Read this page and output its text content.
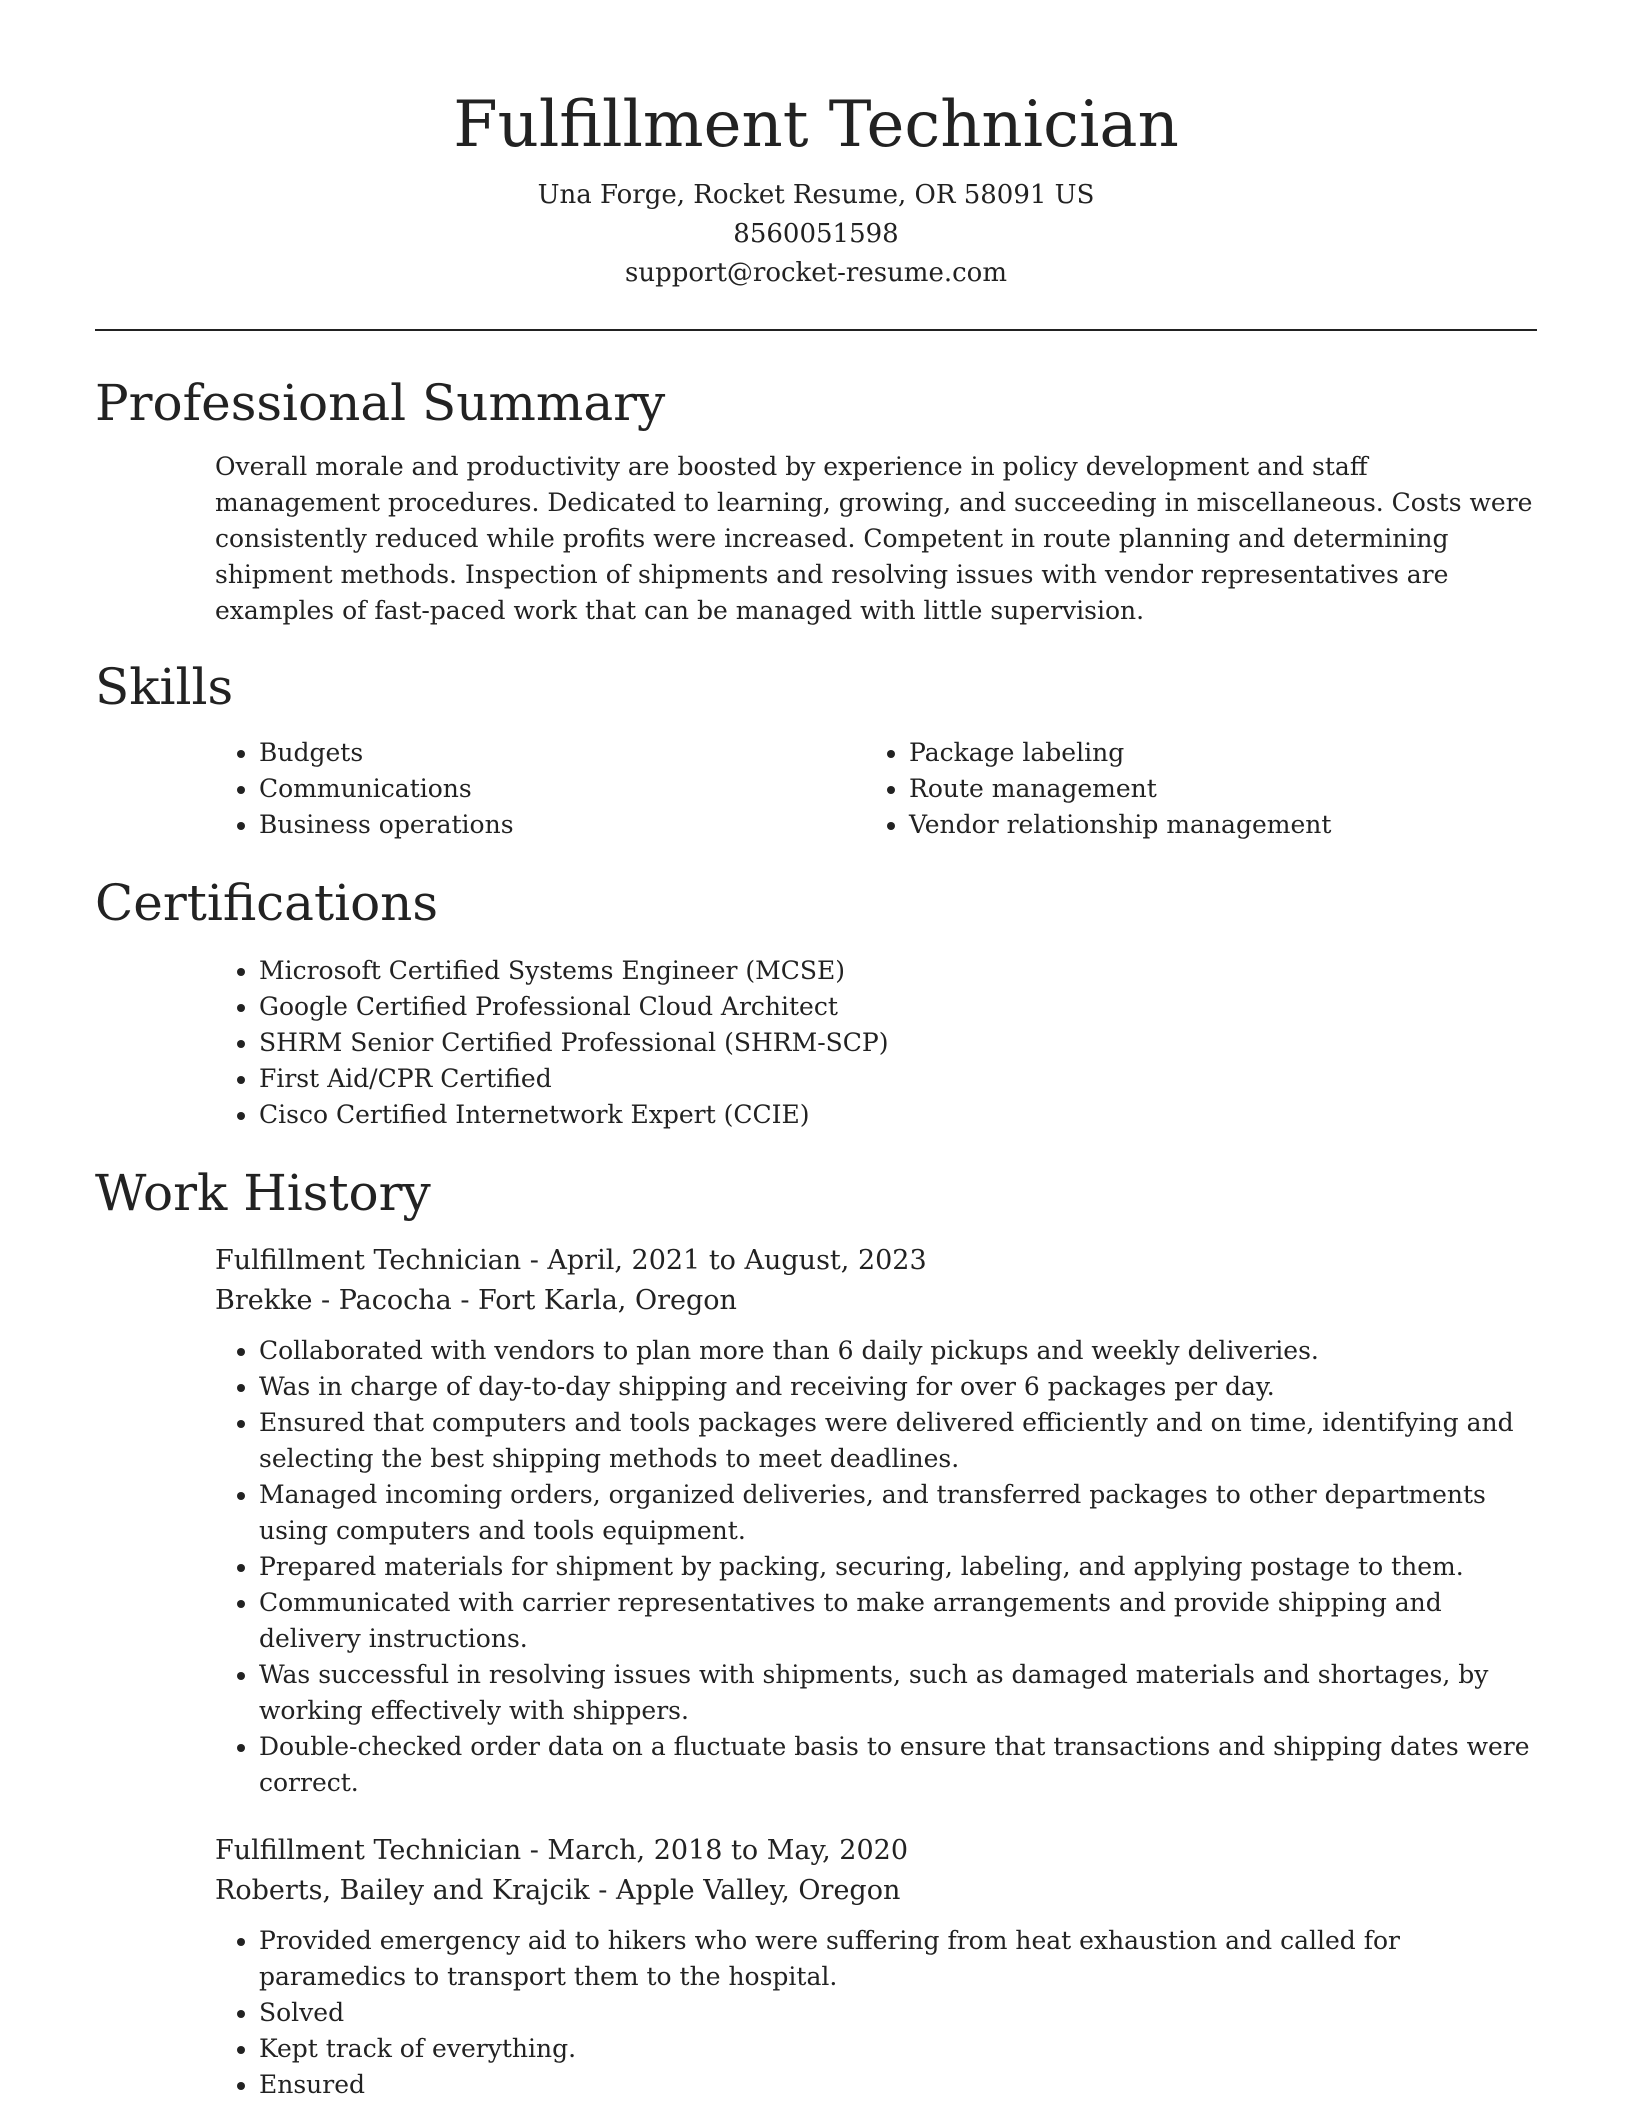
Fulfillment Technician

Una Forge, Rocket Resume, OR 58091 US

8560051598

support@rocket-resume.com

Professional Summary

Overall morale and productivity are boosted by experience in policy development and staff management procedures. Dedicated to learning, growing, and succeeding in miscellaneous. Costs were consistently reduced while profits were increased. Competent in route planning and determining shipment methods. Inspection of shipments and resolving issues with vendor representatives are examples of fast-paced work that can be managed with little supervision.

Skills
• Budgets
• Communications
• Business operations
• Package labeling
• Route management
• Vendor relationship management
Certifications
• Microsoft Certified Systems Engineer (MCSE)
• Google Certified Professional Cloud Architect
• SHRM Senior Certified Professional (SHRM-SCP)
• First Aid/CPR Certified
• Cisco Certified Internetwork Expert (CCIE)
Work History

Fulfillment Technician - April, 2021 to August, 2023

Brekke - Pacocha - Fort Karla, Oregon

• Collaborated with vendors to plan more than 6 daily pickups and weekly deliveries.
• Was in charge of day-to-day shipping and receiving for over 6 packages per day.
• Ensured that computers and tools packages were delivered efficiently and on time, identifying and selecting the best shipping methods to meet deadlines.
• Managed incoming orders, organized deliveries, and transferred packages to other departments using computers and tools equipment.
• Prepared materials for shipment by packing, securing, labeling, and applying postage to them.
• Communicated with carrier representatives to make arrangements and provide shipping and delivery instructions.
• Was successful in resolving issues with shipments, such as damaged materials and shortages, by working effectively with shippers.
• Double-checked order data on a fluctuate basis to ensure that transactions and shipping dates were correct.

Fulfillment Technician - March, 2018 to May, 2020

Roberts, Bailey and Krajcik - Apple Valley, Oregon

• Provided emergency aid to hikers who were suffering from heat exhaustion and called for paramedics to transport them to the hospital.
• Solved
• Kept track of everything.
• Ensured
